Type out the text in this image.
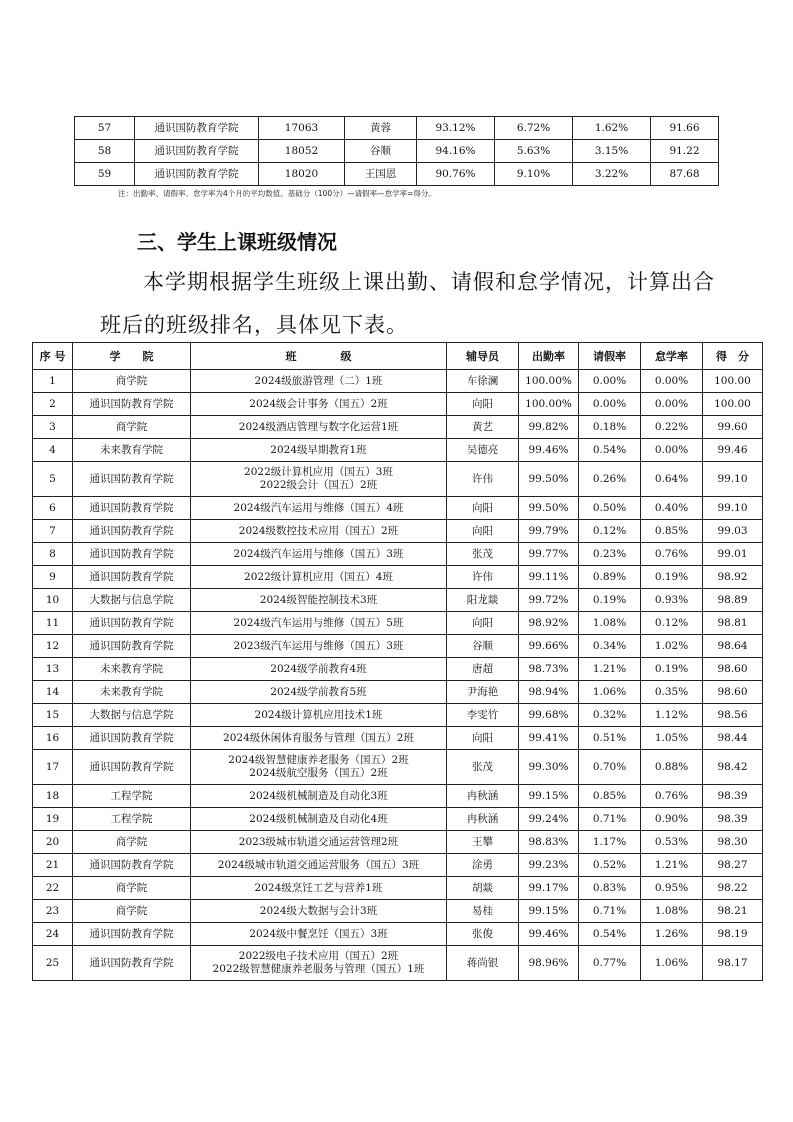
57	通识国防教育学院	17063	黄蓉	93.12%	6.72%	1.62%	91.66
58	通识国防教育学院	18052	谷顺	94.16%	5.63%	3.15%	91.22
59	通识国防教育学院	18020	王国恩	90.76%	9.10%	3.22%	87.68
注：出勤率、请假率、怠学率为4个月的平均数值。基础分（100分）—请假率—怠学率=得分。
三、学生上课班级情况
本学期根据学生班级上课出勤、请假和怠学情况，计算出合
班后的班级排名，具体见下表。
序 号	学　　院	班　　　　级	辅导员	出勤率	请假率	怠学率	得　分
1	商学院	2024级旅游管理（二）1班	车徐澜	100.00%	0.00%	0.00%	100.00
2	通识国防教育学院	2024级会计事务（国五）2班	向阳	100.00%	0.00%	0.00%	100.00
3	商学院	2024级酒店管理与数字化运营1班	黄艺	99.82%	0.18%	0.22%	99.60
4	未来教育学院	2024级早期教育1班	吴德亮	99.46%	0.54%	0.00%	99.46
5	通识国防教育学院	2022级计算机应用（国五）3班
2022级会计（国五）2班	许伟	99.50%	0.26%	0.64%	99.10
6	通识国防教育学院	2024级汽车运用与维修（国五）4班	向阳	99.50%	0.50%	0.40%	99.10
7	通识国防教育学院	2024级数控技术应用（国五）2班	向阳	99.79%	0.12%	0.85%	99.03
8	通识国防教育学院	2024级汽车运用与维修（国五）3班	张茂	99.77%	0.23%	0.76%	99.01
9	通识国防教育学院	2022级计算机应用（国五）4班	许伟	99.11%	0.89%	0.19%	98.92
10	大数据与信息学院	2024级智能控制技术3班	阳龙燚	99.72%	0.19%	0.93%	98.89
11	通识国防教育学院	2024级汽车运用与维修（国五）5班	向阳	98.92%	1.08%	0.12%	98.81
12	通识国防教育学院	2023级汽车运用与维修（国五）3班	谷顺	99.66%	0.34%	1.02%	98.64
13	未来教育学院	2024级学前教育4班	唐超	98.73%	1.21%	0.19%	98.60
14	未来教育学院	2024级学前教育5班	尹海艳	98.94%	1.06%	0.35%	98.60
15	大数据与信息学院	2024级计算机应用技术1班	李雯竹	99.68%	0.32%	1.12%	98.56
16	通识国防教育学院	2024级休闲体育服务与管理（国五）2班	向阳	99.41%	0.51%	1.05%	98.44
17	通识国防教育学院	2024级智慧健康养老服务（国五）2班
2024级航空服务（国五）2班	张茂	99.30%	0.70%	0.88%	98.42
18	工程学院	2024级机械制造及自动化3班	冉秋涵	99.15%	0.85%	0.76%	98.39
19	工程学院	2024级机械制造及自动化4班	冉秋涵	99.24%	0.71%	0.90%	98.39
20	商学院	2023级城市轨道交通运营管理2班	王攀	98.83%	1.17%	0.53%	98.30
21	通识国防教育学院	2024级城市轨道交通运营服务（国五）3班	涂勇	99.23%	0.52%	1.21%	98.27
22	商学院	2024级烹饪工艺与营养1班	胡燚	99.17%	0.83%	0.95%	98.22
23	商学院	2024级大数据与会计3班	易桂	99.15%	0.71%	1.08%	98.21
24	通识国防教育学院	2024级中餐烹饪（国五）3班	张俊	99.46%	0.54%	1.26%	98.19
25	通识国防教育学院	2022级电子技术应用（国五）2班
2022级智慧健康养老服务与管理（国五）1班	蒋尚银	98.96%	0.77%	1.06%	98.17
